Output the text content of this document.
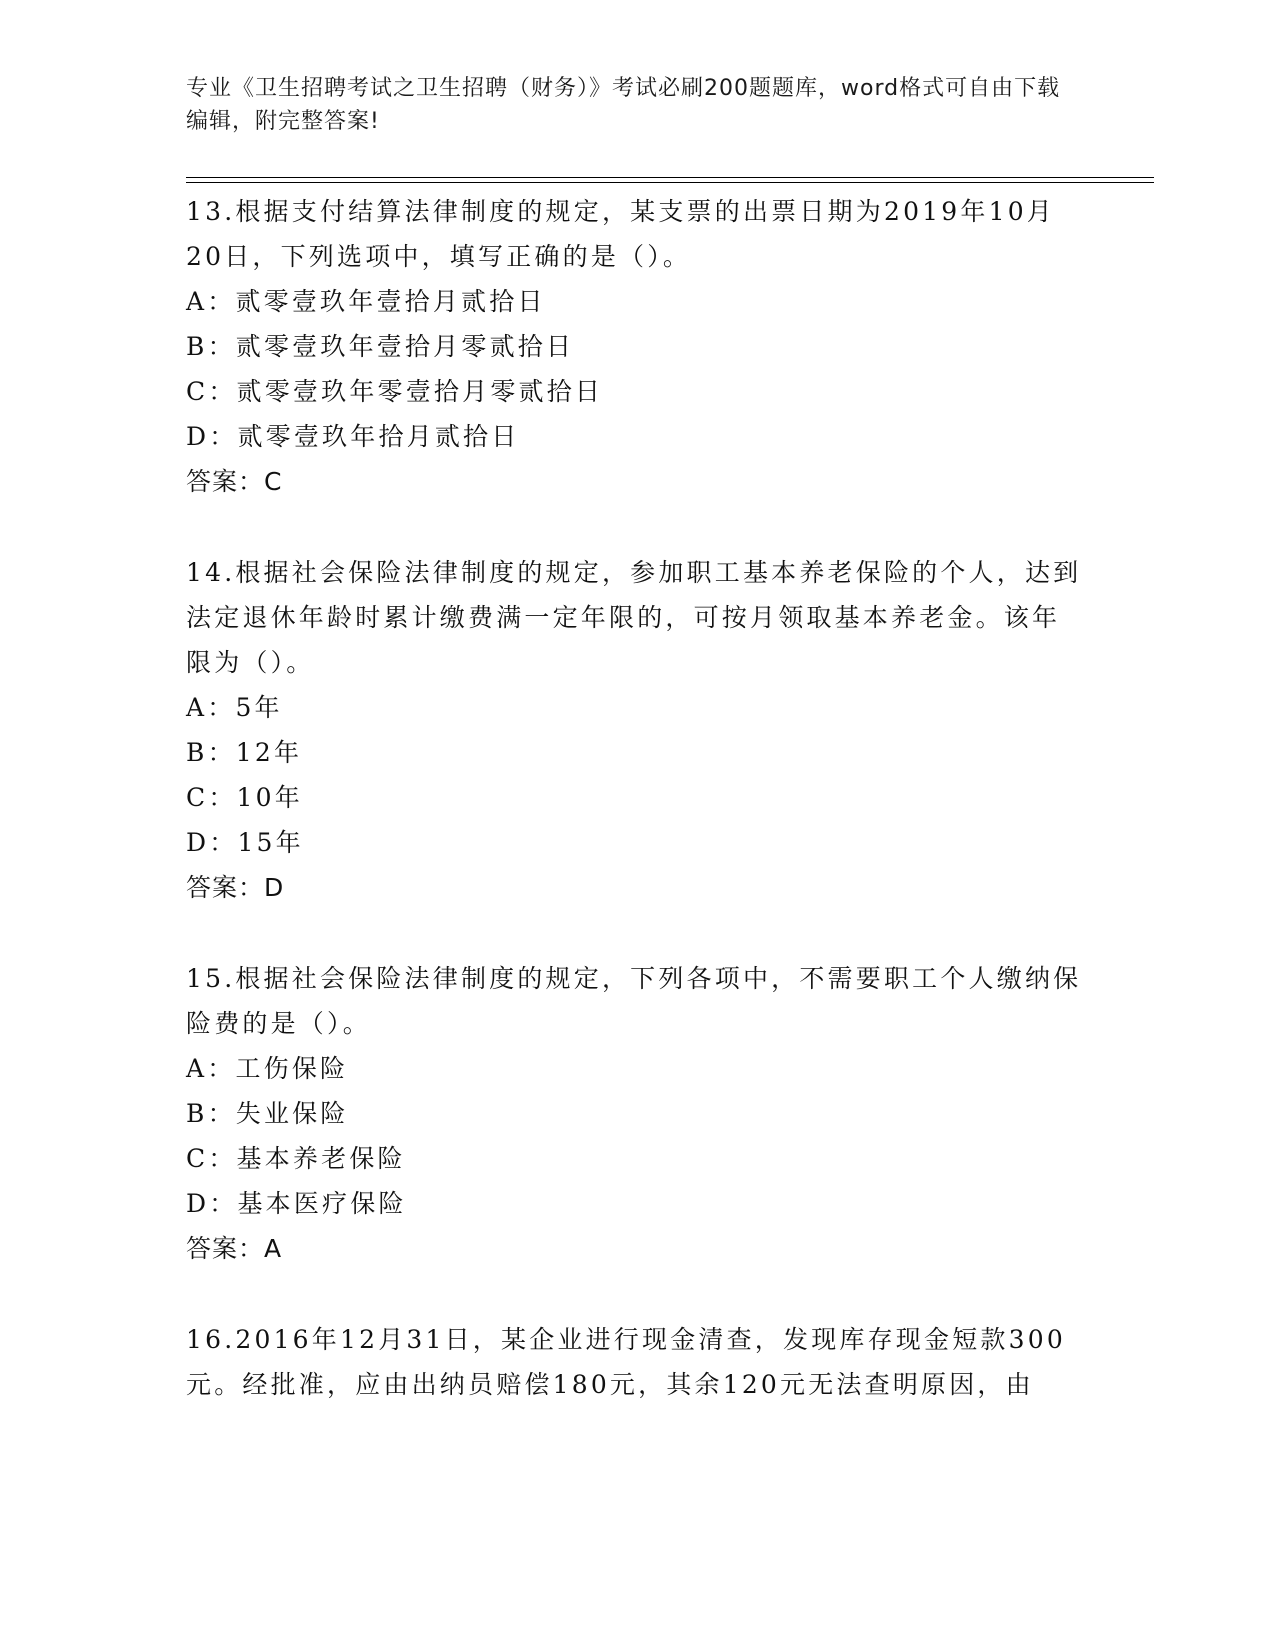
专业《卫生招聘考试之卫生招聘（财务）》考试必刷200题题库，word格式可自由下载编辑，附完整答案!

13.根据支付结算法律制度的规定，某支票的出票日期为2019年10月20日，下列选项中，填写正确的是（）。

A：贰零壹玖年壹拾月贰拾日

B：贰零壹玖年壹拾月零贰拾日

C：贰零壹玖年零壹拾月零贰拾日

D：贰零壹玖年拾月贰拾日

答案：C

14.根据社会保险法律制度的规定，参加职工基本养老保险的个人，达到法定退休年龄时累计缴费满一定年限的，可按月领取基本养老金。该年限为（）。

A：5年

B：12年

C：10年

D：15年

答案：D

15.根据社会保险法律制度的规定，下列各项中，不需要职工个人缴纳保险费的是（）。

A：工伤保险

B：失业保险

C：基本养老保险

D：基本医疗保险

答案：A

16.2016年12月31日，某企业进行现金清查，发现库存现金短款300元。经批准，应由出纳员赔偿180元，其余120元无法查明原因，由
